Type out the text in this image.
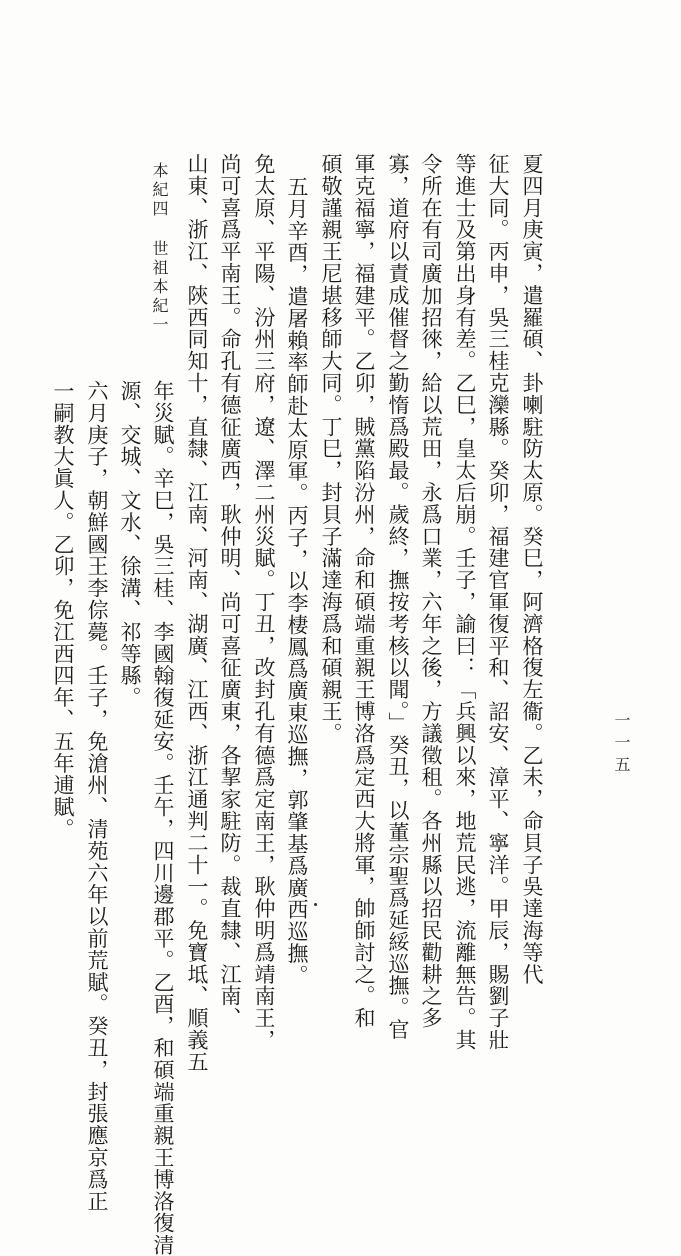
本紀四
世祖本紀一	夏四月庚寅，遣羅碩、卦喇駐防太原。癸巳，阿濟格復左衞。乙未，命貝子吳達海等代
征大同。丙申，吳三桂克灤縣。癸卯，福建官軍復平和、詔安、漳平、寧洋。甲辰，賜劉子壯
等進士及第出身有差。乙巳，皇太后崩。壬子，諭曰：「兵興以來，地荒民逃，流離無告。其
令所在有司廣加招徠，給以荒田，永爲口業，六年之後，方議徵租。各州縣以招民勸耕之多
寡，道府以責成催督之勤惰爲殿最。歲終，撫按考核以聞。」癸丑，以董宗聖爲延綏巡撫。官
軍克福寧，福建平。乙卯，賊黨陷汾州，命和碩端重親王博洛爲定西大將軍，帥師討之。和
碩敬謹親王尼堪移師大同。丁巳，封貝子滿達海爲和碩親王。
五月辛酉，遣屠賴率師赴太原軍。丙子，以李棲鳳爲廣東巡撫，郭肇基爲廣西巡撫。
免太原、平陽、汾州三府，遼、澤二州災賦。丁丑，改封孔有德爲定南王，耿仲明爲靖南王，
尚可喜爲平南王。命孔有德征廣西，耿仲明、尚可喜征廣東，各挈家駐防。裁直隸、江南、
山東、浙江、陝西同知十，直隸、江南、河南、湖廣、江西、浙江通判二十一。免寶坻、順義五
年災賦。辛巳，吳三桂、李國翰復延安。壬午，四川邊郡平。乙酉，和碩端重親王博洛復清
源、交城、文水、徐溝、祁等縣。
六月庚子，朝鮮國王李倧薨。壬子，免滄州、清苑六年以前荒賦。癸丑，封張應京爲正
一嗣教大眞人。乙卯，免江西四年、五年逋賦。	一一五
